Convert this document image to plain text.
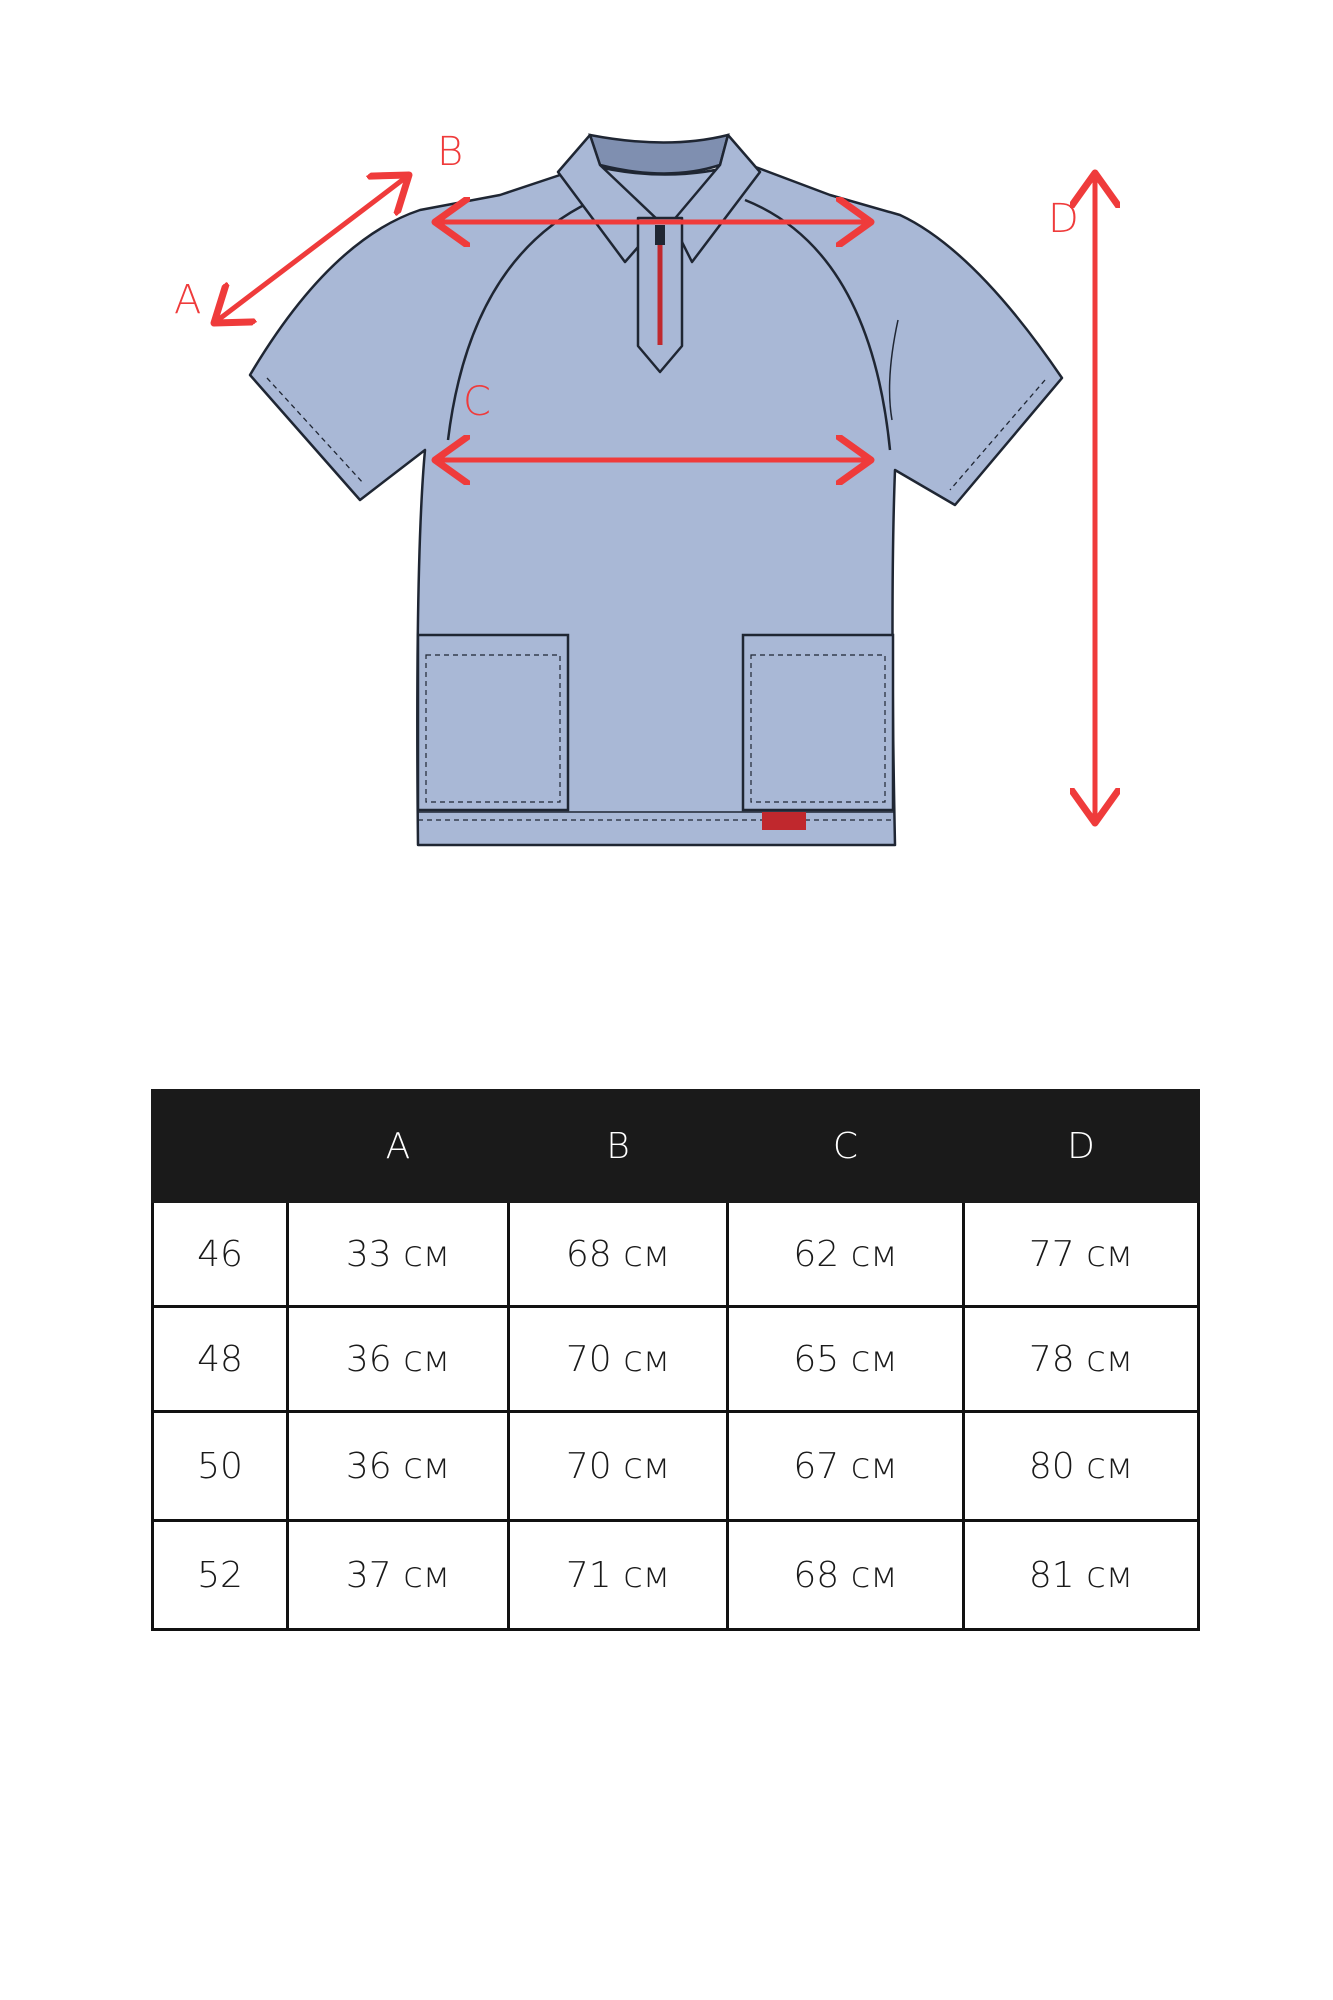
A
B
C
D
	A	B	C	D
46	33 см	68 см	62 см	77 см
48	36 см	70 см	65 см	78 см
50	36 см	70 см	67 см	80 см
52	37 см	71 см	68 см	81 см
